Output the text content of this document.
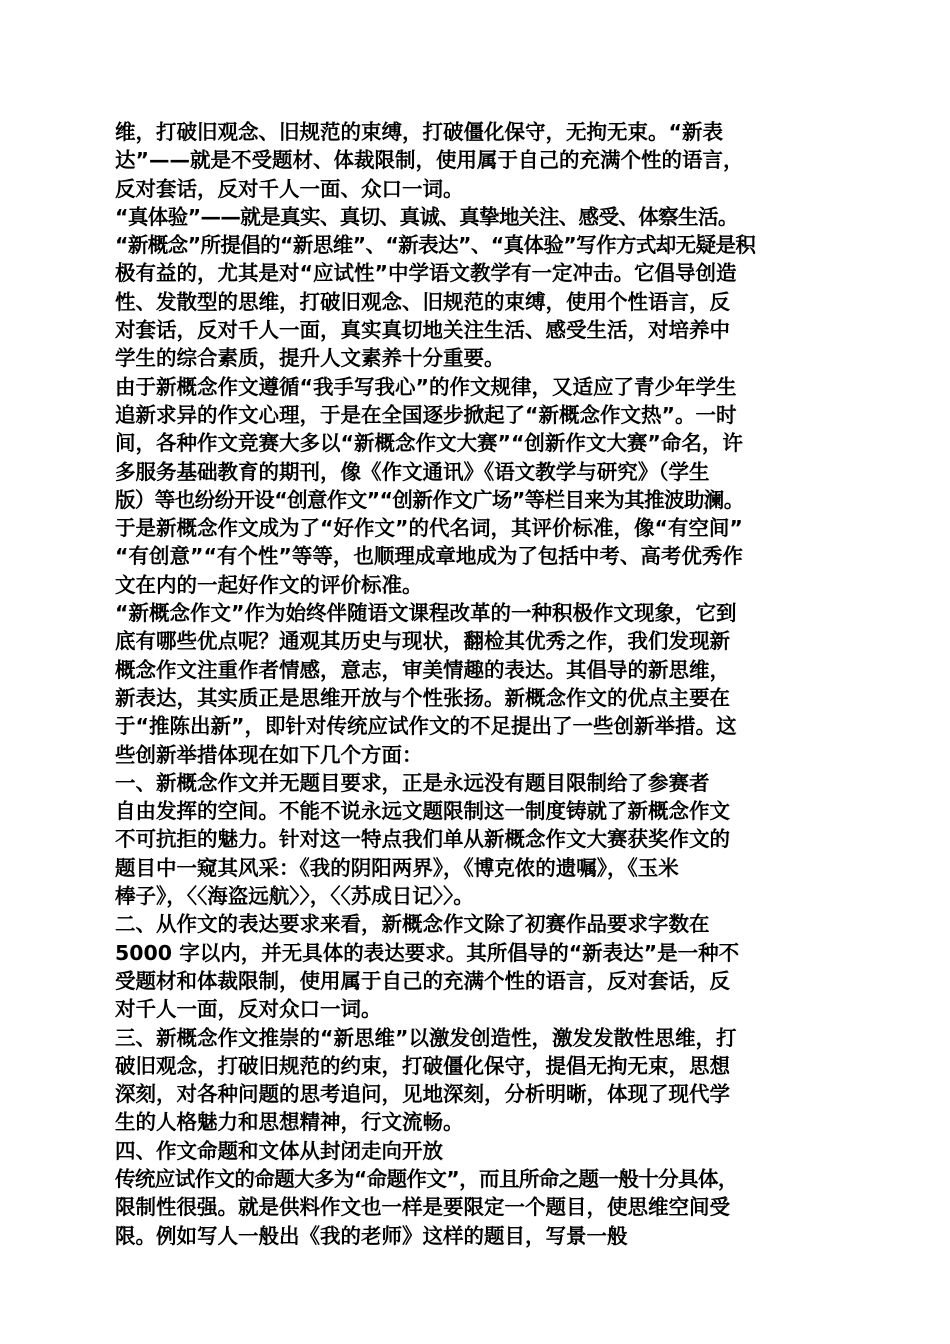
维，打破旧观念、旧规范的束缚，打破僵化保守，无拘无束。“新表
达”——就是不受题材、体裁限制，使用属于自己的充满个性的语言，
反对套话，反对千人一面、众口一词。
“真体验”——就是真实、真切、真诚、真挚地关注、感受、体察生活。
“新概念”所提倡的“新思维”、“新表达”、“真体验”写作方式却无疑是积
极有益的，尤其是对“应试性”中学语文教学有一定冲击。它倡导创造
性、发散型的思维，打破旧观念、旧规范的束缚，使用个性语言，反
对套话，反对千人一面，真实真切地关注生活、感受生活，对培养中
学生的综合素质，提升人文素养十分重要。
由于新概念作文遵循“我手写我心”的作文规律，又适应了青少年学生
追新求异的作文心理，于是在全国逐步掀起了“新概念作文热”。一时
间，各种作文竞赛大多以“新概念作文大赛”“创新作文大赛”命名，许
多服务基础教育的期刊，像《作文通讯》《语文教学与研究》（学生
版）等也纷纷开设“创意作文”“创新作文广场”等栏目来为其推波助澜。
于是新概念作文成为了“好作文”的代名词，其评价标准，像“有空间”
“有创意”“有个性”等等，也顺理成章地成为了包括中考、高考优秀作
文在内的一起好作文的评价标准。
“新概念作文”作为始终伴随语文课程改革的一种积极作文现象，它到
底有哪些优点呢？通观其历史与现状，翻检其优秀之作，我们发现新
概念作文注重作者情感，意志，审美情趣的表达。其倡导的新思维，
新表达，其实质正是思维开放与个性张扬。新概念作文的优点主要在
于“推陈出新”，即针对传统应试作文的不足提出了一些创新举措。这
些创新举措体现在如下几个方面：
一、新概念作文并无题目要求，正是永远没有题目限制给了参赛者
自由发挥的空间。不能不说永远文题限制这一制度铸就了新概念作文
不可抗拒的魅力。针对这一特点我们单从新概念作文大赛获奖作文的
题目中一窥其风采：《我的阴阳两界》，《博克侬的遗嘱》，《玉米
棒子》，〈〈海盗远航〉〉，〈〈苏成日记〉〉。
二、从作文的表达要求来看，新概念作文除了初赛作品要求字数在
5000 字以内，并无具体的表达要求。其所倡导的“新表达”是一种不
受题材和体裁限制，使用属于自己的充满个性的语言，反对套话，反
对千人一面，反对众口一词。
三、新概念作文推崇的“新思维”以激发创造性，激发发散性思维，打
破旧观念，打破旧规范的约束，打破僵化保守，提倡无拘无束，思想
深刻，对各种问题的思考追问，见地深刻，分析明晰，体现了现代学
生的人格魅力和思想精神，行文流畅。
四、作文命题和文体从封闭走向开放
传统应试作文的命题大多为“命题作文”，而且所命之题一般十分具体，
限制性很强。就是供料作文也一样是要限定一个题目，使思维空间受
限。例如写人一般出《我的老师》这样的题目，写景一般
